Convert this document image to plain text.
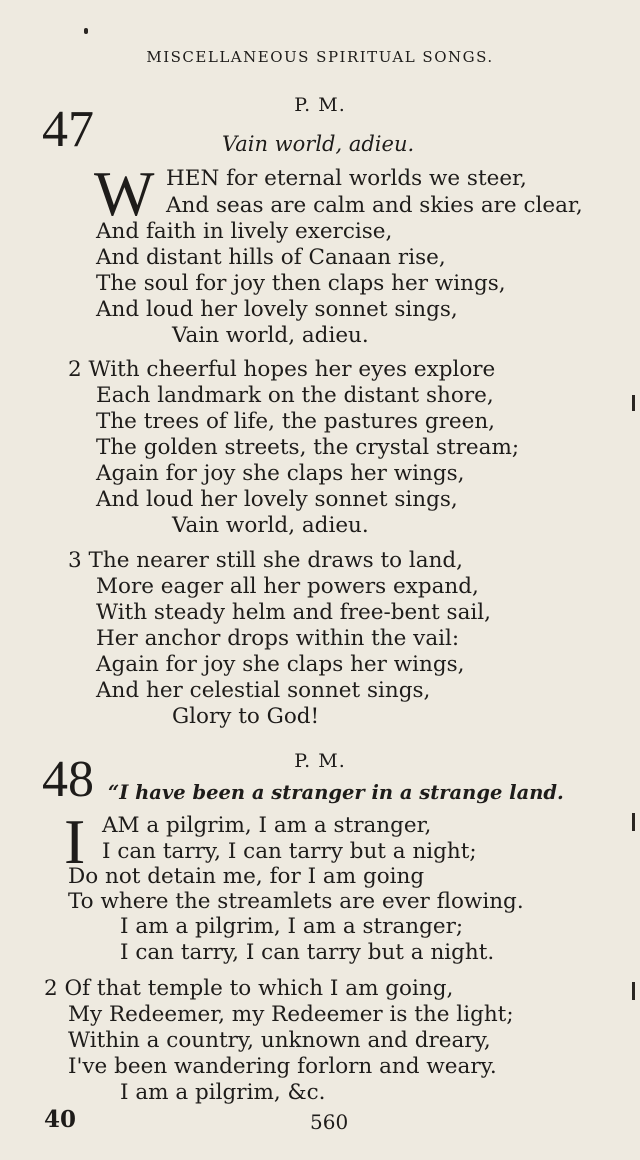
MISCELLANEOUS SPIRITUAL SONGS.
47	P. M.
Vain world, adieu.
W HEN for eternal worlds we steer,
And seas are calm and skies are clear,
And faith in lively exercise,
And distant hills of Canaan rise,
The soul for joy then claps her wings,
And loud her lovely sonnet sings,
Vain world, adieu.
2 With cheerful hopes her eyes explore
Each landmark on the distant shore,
The trees of life, the pastures green,
The golden streets, the crystal stream;
Again for joy she claps her wings,
And loud her lovely sonnet sings,
Vain world, adieu.
3 The nearer still she draws to land,
More eager all her powers expand,
With steady helm and free-bent sail,
Her anchor drops within the vail:
Again for joy she claps her wings,
And her celestial sonnet sings,
Glory to God!
48	P. M.
“I have been a stranger in a strange land.
I AM a pilgrim, I am a stranger,
I can tarry, I can tarry but a night;
Do not detain me, for I am going
To where the streamlets are ever flowing.
I am a pilgrim, I am a stranger;
I can tarry, I can tarry but a night.
2 Of that temple to which I am going,
My Redeemer, my Redeemer is the light;
Within a country, unknown and dreary,
I've been wandering forlorn and weary.
I am a pilgrim, &c.
40	560
